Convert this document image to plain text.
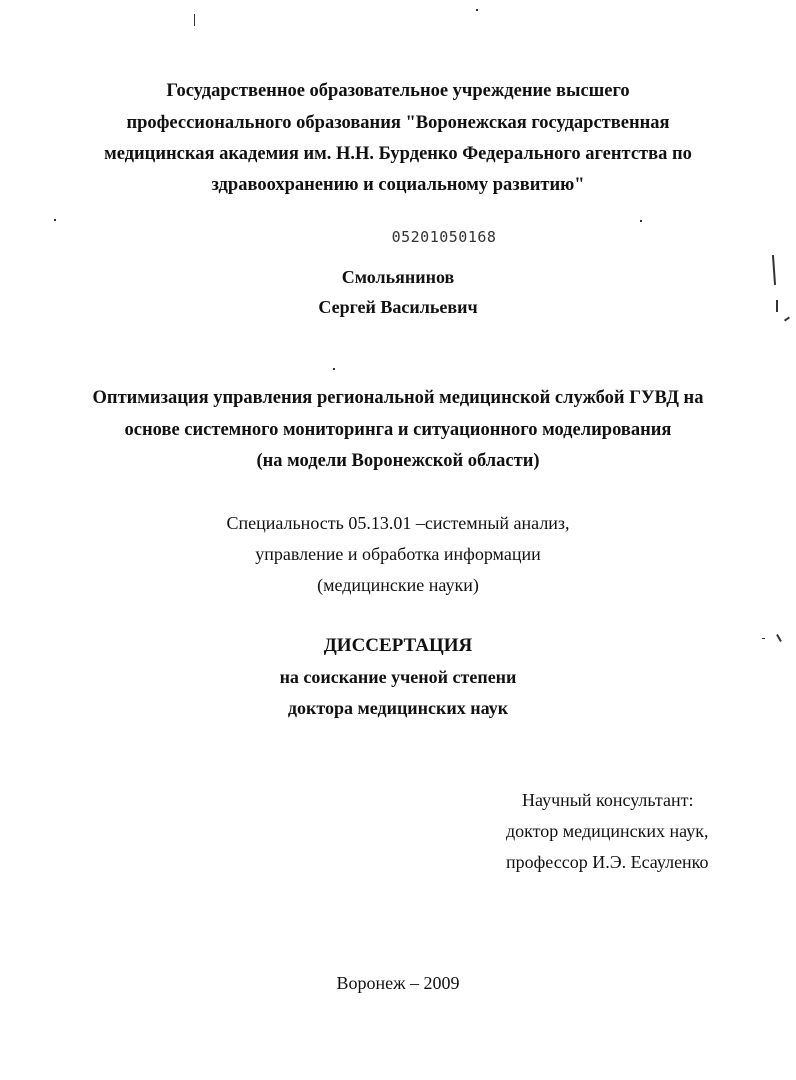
Государственное образовательное учреждение высшего
профессионального образования "Воронежская государственная
медицинская академия им. Н.Н. Бурденко Федерального агентства по
здравоохранению и социальному развитию"
05201050168
Смольянинов
Сергей Васильевич
Оптимизация управления региональной медицинской службой ГУВД на
основе системного мониторинга и ситуационного моделирования
(на модели Воронежской области)
Специальность 05.13.01 –системный анализ,
управление и обработка информации
(медицинские науки)
ДИССЕРТАЦИЯ
на соискание ученой степени
доктора медицинских наук
Научный консультант:
доктор медицинских наук,
профессор И.Э. Есауленко
Воронеж – 2009
